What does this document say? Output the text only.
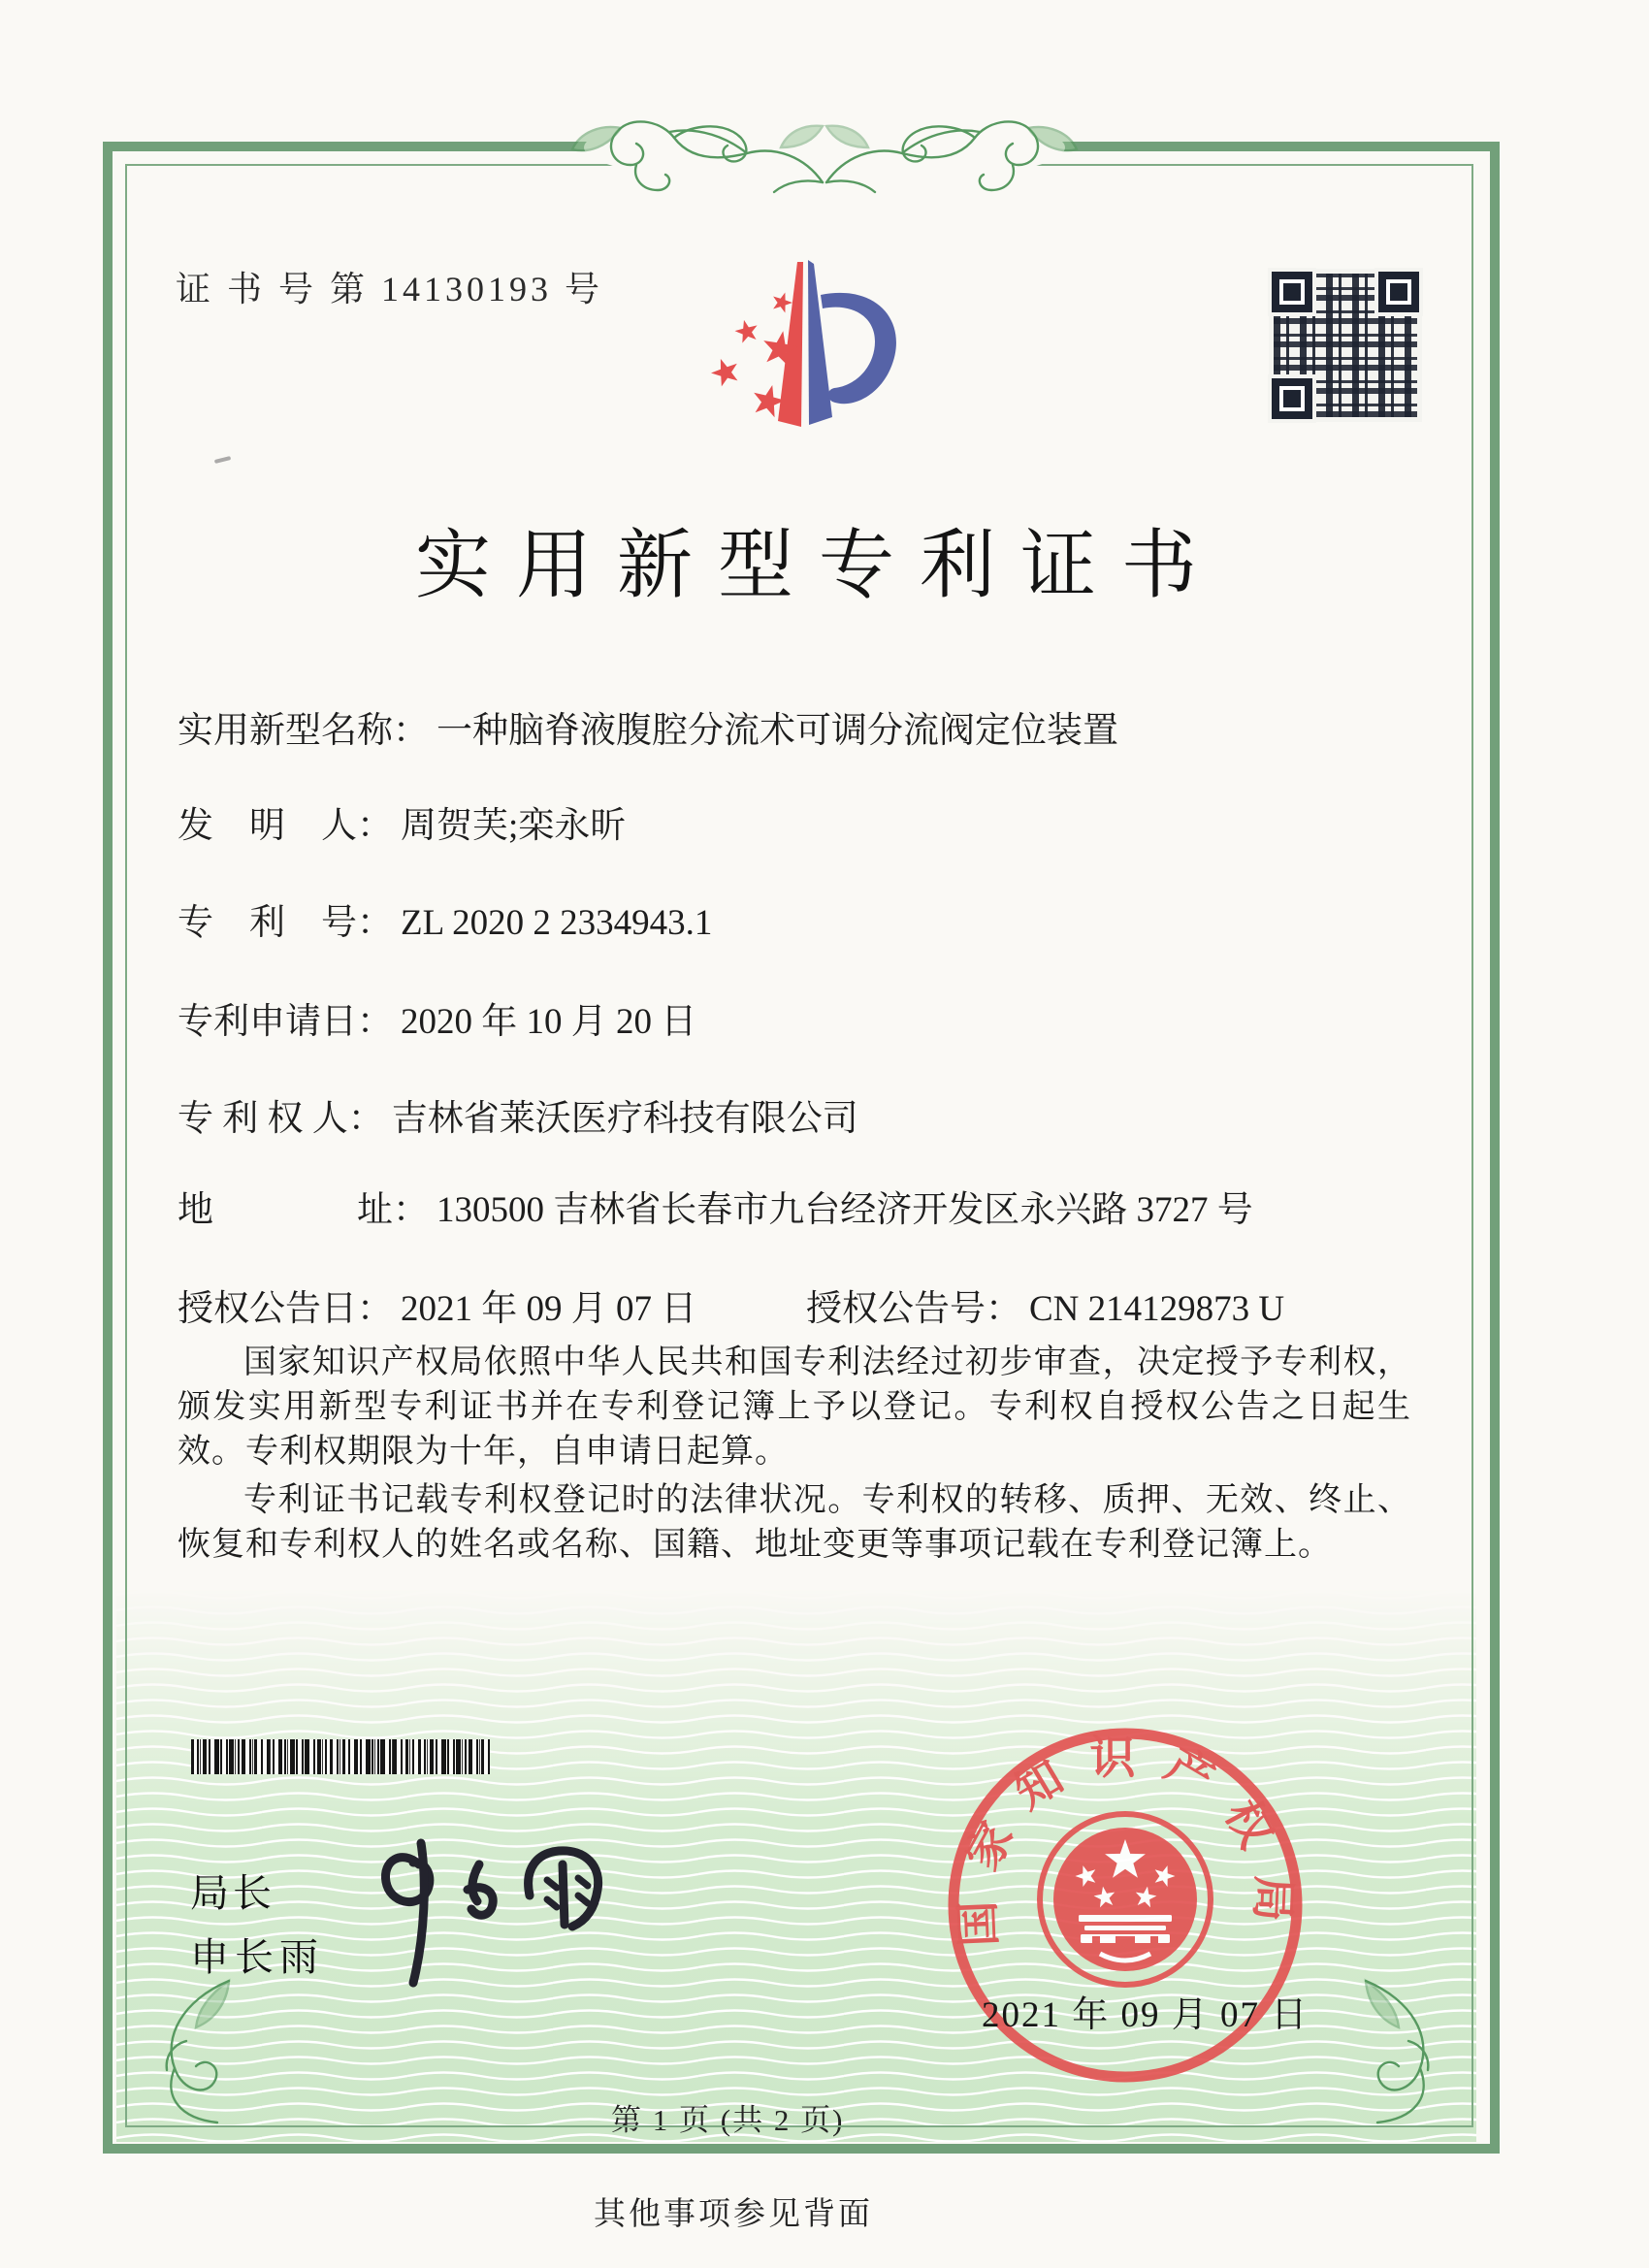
证 书 号 第 14130193 号
实用新型专利证书
实用新型名称： 一种脑脊液腹腔分流术可调分流阀定位装置
发　明　人： 周贺芙;栾永昕
专　利　号： ZL 2020 2 2334943.1
专利申请日： 2020 年 10 月 20 日
专 利 权 人： 吉林省莱沃医疗科技有限公司
地　　　　址： 130500 吉林省长春市九台经济开发区永兴路 3727 号
授权公告日： 2021 年 09 月 07 日	授权公告号： CN 214129873 U

国家知识产权局依照中华人民共和国专利法经过初步审查，决定授予专利权，颁发实用新型专利证书并在专利登记簿上予以登记。专利权自授权公告之日起生效。专利权期限为十年，自申请日起算。

专利证书记载专利权登记时的法律状况。专利权的转移、质押、无效、终止、恢复和专利权人的姓名或名称、国籍、地址变更等事项记载在专利登记簿上。

局长
申长雨
国家知识产权局
2021 年 09 月 07 日
第 1 页 (共 2 页)
其他事项参见背面
